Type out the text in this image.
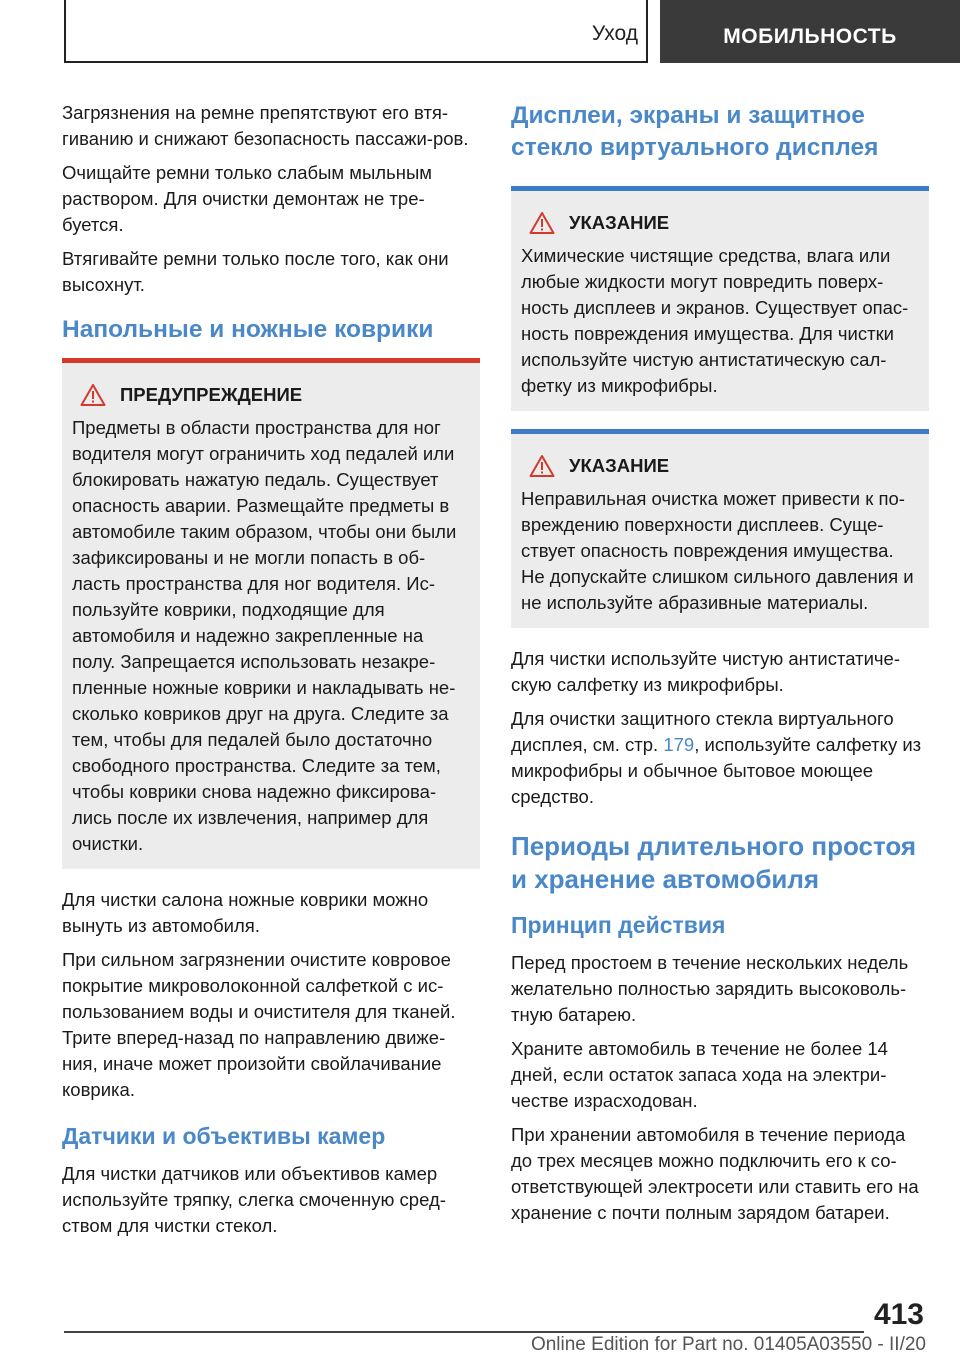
Уход	МОБИЛЬНОСТЬ

Загрязнения на ремне препятствуют его втя-гиванию и снижают безопасность пассажи-ров.

Очищайте ремни только слабым мыльным раствором. Для очистки демонтаж не тре-буется.

Втягивайте ремни только после того, как они высохнут.

Напольные и ножные коврики
ПРЕДУПРЕЖДЕНИЕ

Предметы в области пространства для ног водителя могут ограничить ход педалей или блокировать нажатую педаль. Существует опасность аварии. Размещайте предметы в автомобиле таким образом, чтобы они были зафиксированы и не могли попасть в об-ласть пространства для ног водителя. Ис-пользуйте коврики, подходящие для автомобиля и надежно закрепленные на полу. Запрещается использовать незакре-пленные ножные коврики и накладывать не-сколько ковриков друг на друга. Следите за тем, чтобы для педалей было достаточно свободного пространства. Следите за тем, чтобы коврики снова надежно фиксирова-лись после их извлечения, например для очистки.

Для чистки салона ножные коврики можно вынуть из автомобиля.

При сильном загрязнении очистите ковровое покрытие микроволоконной салфеткой с ис-пользованием воды и очистителя для тканей. Трите вперед-назад по направлению движе-ния, иначе может произойти свойлачивание коврика.

Датчики и объективы камер

Для чистки датчиков или объективов камер используйте тряпку, слегка смоченную сред-ством для чистки стекол.

Дисплеи, экраны и защитное стекло виртуального дисплея
УКАЗАНИЕ

Химические чистящие средства, влага или любые жидкости могут повредить поверх-ность дисплеев и экранов. Существует опас-ность повреждения имущества. Для чистки используйте чистую антистатическую сал-фетку из микрофибры.

УКАЗАНИЕ

Неправильная очистка может привести к по-вреждению поверхности дисплеев. Суще-ствует опасность повреждения имущества. Не допускайте слишком сильного давления и не используйте абразивные материалы.

Для чистки используйте чистую антистатиче-скую салфетку из микрофибры.

Для очистки защитного стекла виртуального дисплея, см. стр. 179, используйте салфетку из микрофибры и обычное бытовое моющее средство.

Периоды длительного простоя и хранение автомобиля
Принцип действия

Перед простоем в течение нескольких недель желательно полностью зарядить высоковоль-тную батарею.

Храните автомобиль в течение не более 14 дней, если остаток запаса хода на электри-честве израсходован.

При хранении автомобиля в течение периода до трех месяцев можно подключить его к со-ответствующей электросети или ставить его на хранение с почти полным зарядом батареи.

413
Online Edition for Part no. 01405A03550 - II/20
